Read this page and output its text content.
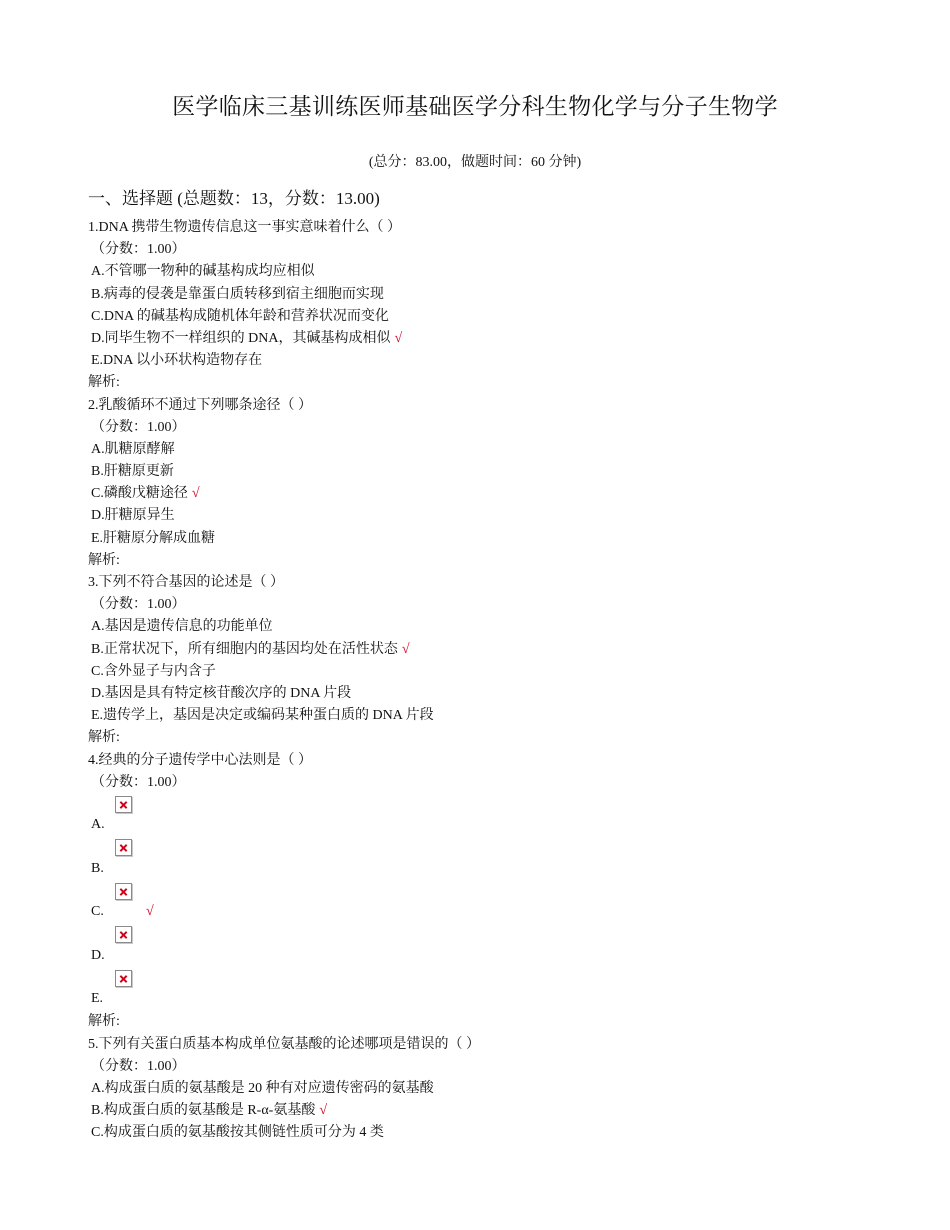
医学临床三基训练医师基础医学分科生物化学与分子生物学
(总分：83.00，做题时间：60 分钟)
一、选择题 (总题数：13，分数：13.00)
1.DNA 携带生物遗传信息这一事实意味着什么（ ）
（分数：1.00）
A.不管哪一物种的碱基构成均应相似
B.病毒的侵袭是靠蛋白质转移到宿主细胞而实现
C.DNA 的碱基构成随机体年龄和营养状况而变化
D.同毕生物不一样组织的 DNA，其碱基构成相似 √
E.DNA 以小环状构造物存在
解析:
2.乳酸循环不通过下列哪条途径（ ）
（分数：1.00）
A.肌糖原酵解
B.肝糖原更新
C.磷酸戊糖途径 √
D.肝糖原异生
E.肝糖原分解成血糖
解析:
3.下列不符合基因的论述是（ ）
（分数：1.00）
A.基因是遗传信息的功能单位
B.正常状况下，所有细胞内的基因均处在活性状态 √
C.含外显子与内含子
D.基因是具有特定核苷酸次序的 DNA 片段
E.遗传学上，基因是决定或编码某种蛋白质的 DNA 片段
解析:
4.经典的分子遗传学中心法则是（ ）
（分数：1.00）
A.
B.
C.	√
D.
E.
解析:
5.下列有关蛋白质基本构成单位氨基酸的论述哪项是错误的（ ）
（分数：1.00）
A.构成蛋白质的氨基酸是 20 种有对应遗传密码的氨基酸
B.构成蛋白质的氨基酸是 R-α-氨基酸 √
C.构成蛋白质的氨基酸按其侧链性质可分为 4 类
